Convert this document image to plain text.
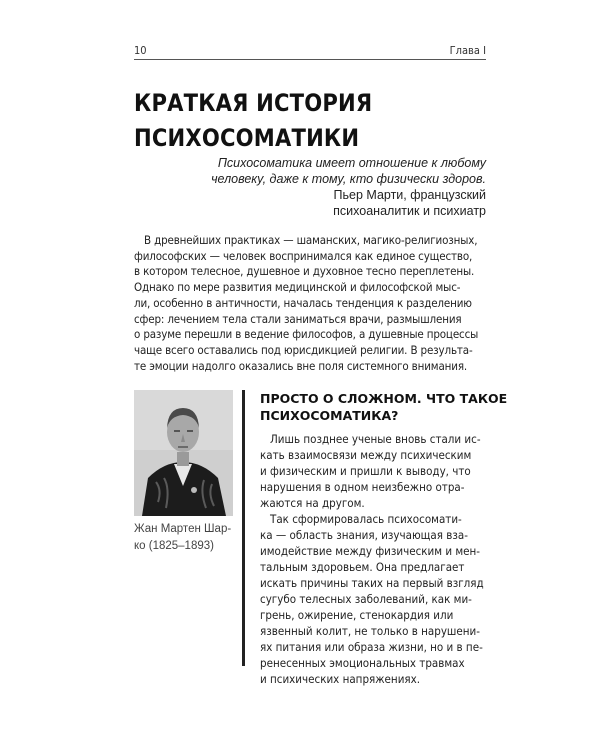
10	Глава I
КРАТКАЯ ИСТОРИЯ
ПСИХОСОМАТИКИ
Психосоматика имеет отношение к любому
человеку, даже к тому, кто физически здоров.
Пьер Марти, французский
психоаналитик и психиатр
В древнейших практиках — шаманских, магико-религиозных,
философских — человек воспринимался как единое существо,
в котором телесное, душевное и духовное тесно переплетены.
Однако по мере развития медицинской и философской мыс-
ли, особенно в античности, началась тенденция к разделению
сфер: лечением тела стали заниматься врачи, размышления
о разуме перешли в ведение философов, а душевные процессы
чаще всего оставались под юрисдикцией религии. В результа-
те эмоции надолго оказались вне поля системного внимания.
Жан Мартен Шар-
ко (1825–1893)
ПРОСТО О СЛОЖНОМ. ЧТО ТАКОЕ
ПСИХОСОМАТИКА?
Лишь позднее ученые вновь стали ис-
кать взаимосвязи между психическим
и физическим и пришли к выводу, что
нарушения в одном неизбежно отра-
жаются на другом.
Так сформировалась психосомати-
ка — область знания, изучающая вза-
имодействие между физическим и мен-
тальным здоровьем. Она предлагает
искать причины таких на первый взгляд
сугубо телесных заболеваний, как ми-
грень, ожирение, стенокардия или
язвенный колит, не только в нарушени-
ях питания или образа жизни, но и в пе-
ренесенных эмоциональных травмах
и психических напряжениях.
